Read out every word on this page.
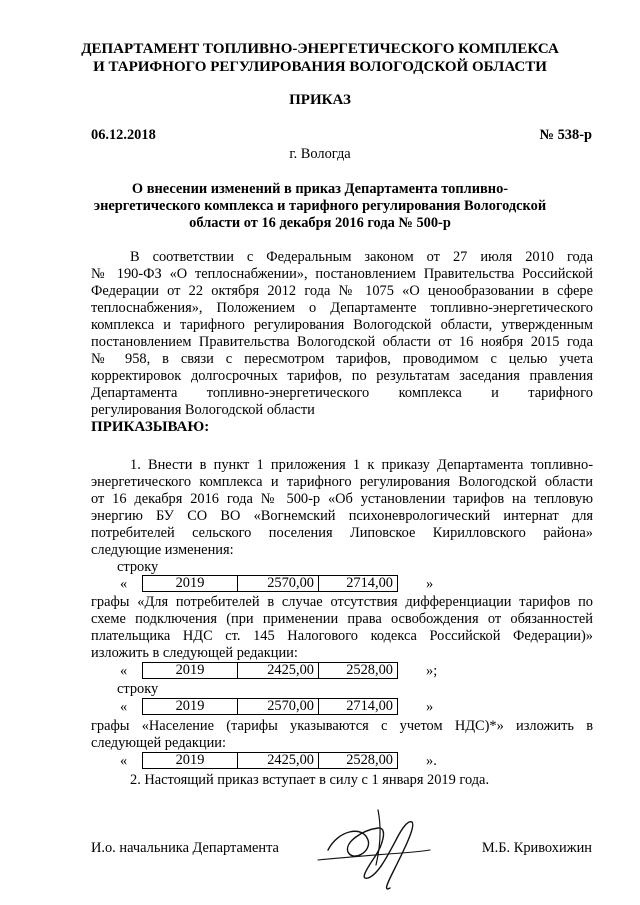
ДЕПАРТАМЕНТ ТОПЛИВНО-ЭНЕРГЕТИЧЕСКОГО КОМПЛЕКСА
И ТАРИФНОГО РЕГУЛИРОВАНИЯ ВОЛОГОДСКОЙ ОБЛАСТИ
ПРИКАЗ
06.12.2018	№ 538-р
г. Вологда
О внесении изменений в приказ Департамента топливно-
энергетического комплекса и тарифного регулирования Вологодской
области от 16 декабря 2016 года № 500-р
В соответствии с Федеральным законом от 27 июля 2010 года
№ 190-ФЗ «О теплоснабжении», постановлением Правительства Российской
Федерации от 22 октября 2012 года № 1075 «О ценообразовании в сфере
теплоснабжения», Положением о Департаменте топливно-энергетического
комплекса и тарифного регулирования Вологодской области, утвержденным
постановлением Правительства Вологодской области от 16 ноября 2015 года
№ 958, в связи с пересмотром тарифов, проводимом с целью учета
корректировок долгосрочных тарифов, по результатам заседания правления
Департамента топливно-энергетического комплекса и тарифного
регулирования Вологодской области
ПРИКАЗЫВАЮ:
1. Внести в пункт 1 приложения 1 к приказу Департамента топливно-
энергетического комплекса и тарифного регулирования Вологодской области
от 16 декабря 2016 года № 500-р «Об установлении тарифов на тепловую
энергию БУ СО ВО «Вогнемский психоневрологический интернат для
потребителей сельского поселения Липовское Кирилловского района»
следующие изменения:
строку
«	2019	2570,00	2714,00 »
графы «Для потребителей в случае отсутствия дифференциации тарифов по
схеме подключения (при применении права освобождения от обязанностей
плательщика НДС ст. 145 Налогового кодекса Российской Федерации)»
изложить в следующей редакции:
«	2019	2425,00	2528,00 »;
строку
«	2019	2570,00	2714,00 »
графы «Население (тарифы указываются с учетом НДС)*» изложить в
следующей редакции:
«	2019	2425,00	2528,00 ».
2. Настоящий приказ вступает в силу с 1 января 2019 года.
И.о. начальника Департамента	М.Б. Кривохижин
